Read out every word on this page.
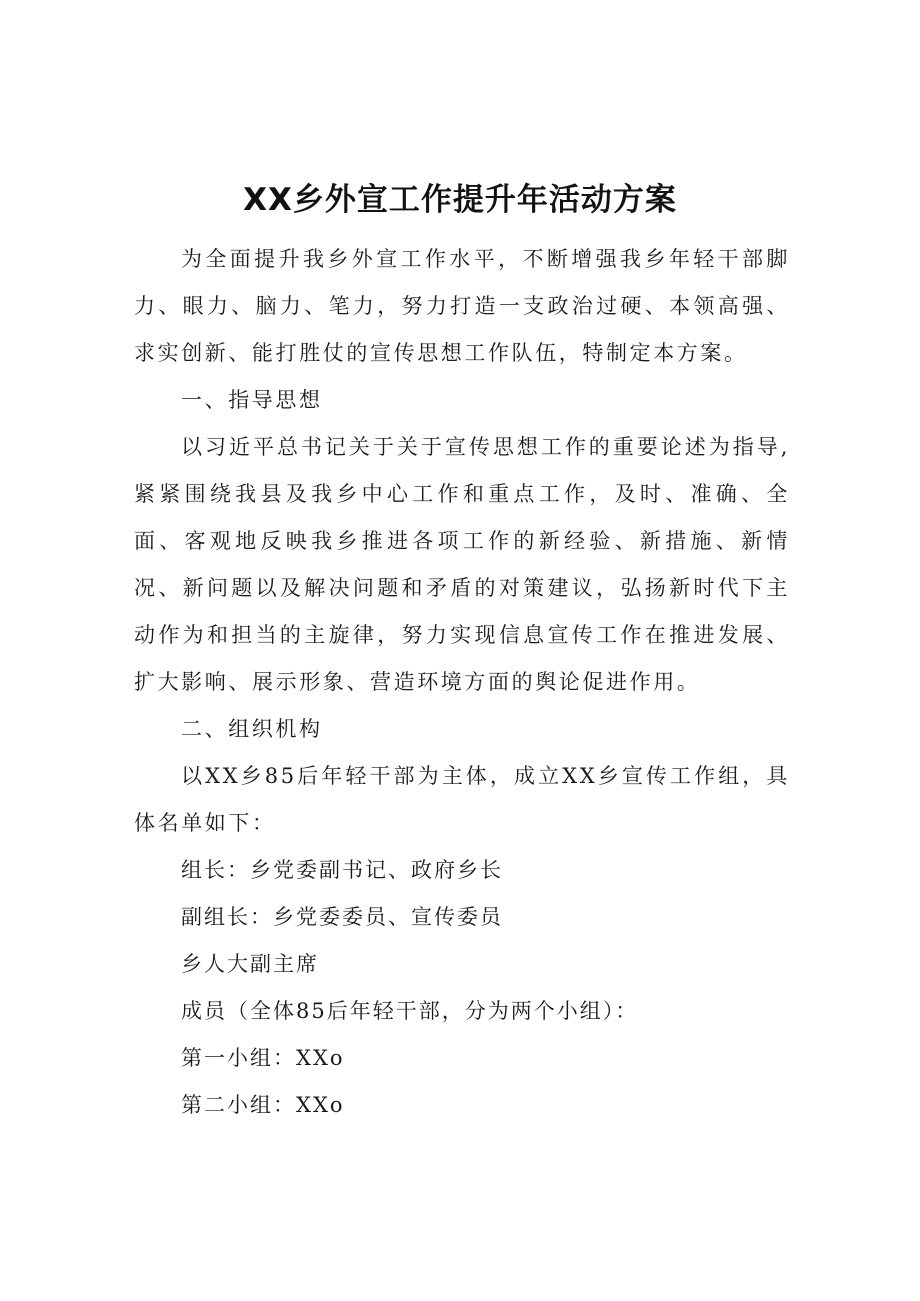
XX乡外宣工作提升年活动方案

为全面提升我乡外宣工作水平，不断增强我乡年轻干部脚力、眼力、脑力、笔力，努力打造一支政治过硬、本领高强、求实创新、能打胜仗的宣传思想工作队伍，特制定本方案。

一、指导思想

以习近平总书记关于关于宣传思想工作的重要论述为指导,紧紧围绕我县及我乡中心工作和重点工作，及时、准确、全面、客观地反映我乡推进各项工作的新经验、新措施、新情况、新问题以及解决问题和矛盾的对策建议，弘扬新时代下主动作为和担当的主旋律，努力实现信息宣传工作在推进发展、扩大影响、展示形象、营造环境方面的舆论促进作用。

二、组织机构

以XX乡85后年轻干部为主体，成立XX乡宣传工作组，具体名单如下：

组长：乡党委副书记、政府乡长

副组长：乡党委委员、宣传委员

乡人大副主席

成员（全体85后年轻干部，分为两个小组）：

第一小组：XXo

第二小组：XXo
